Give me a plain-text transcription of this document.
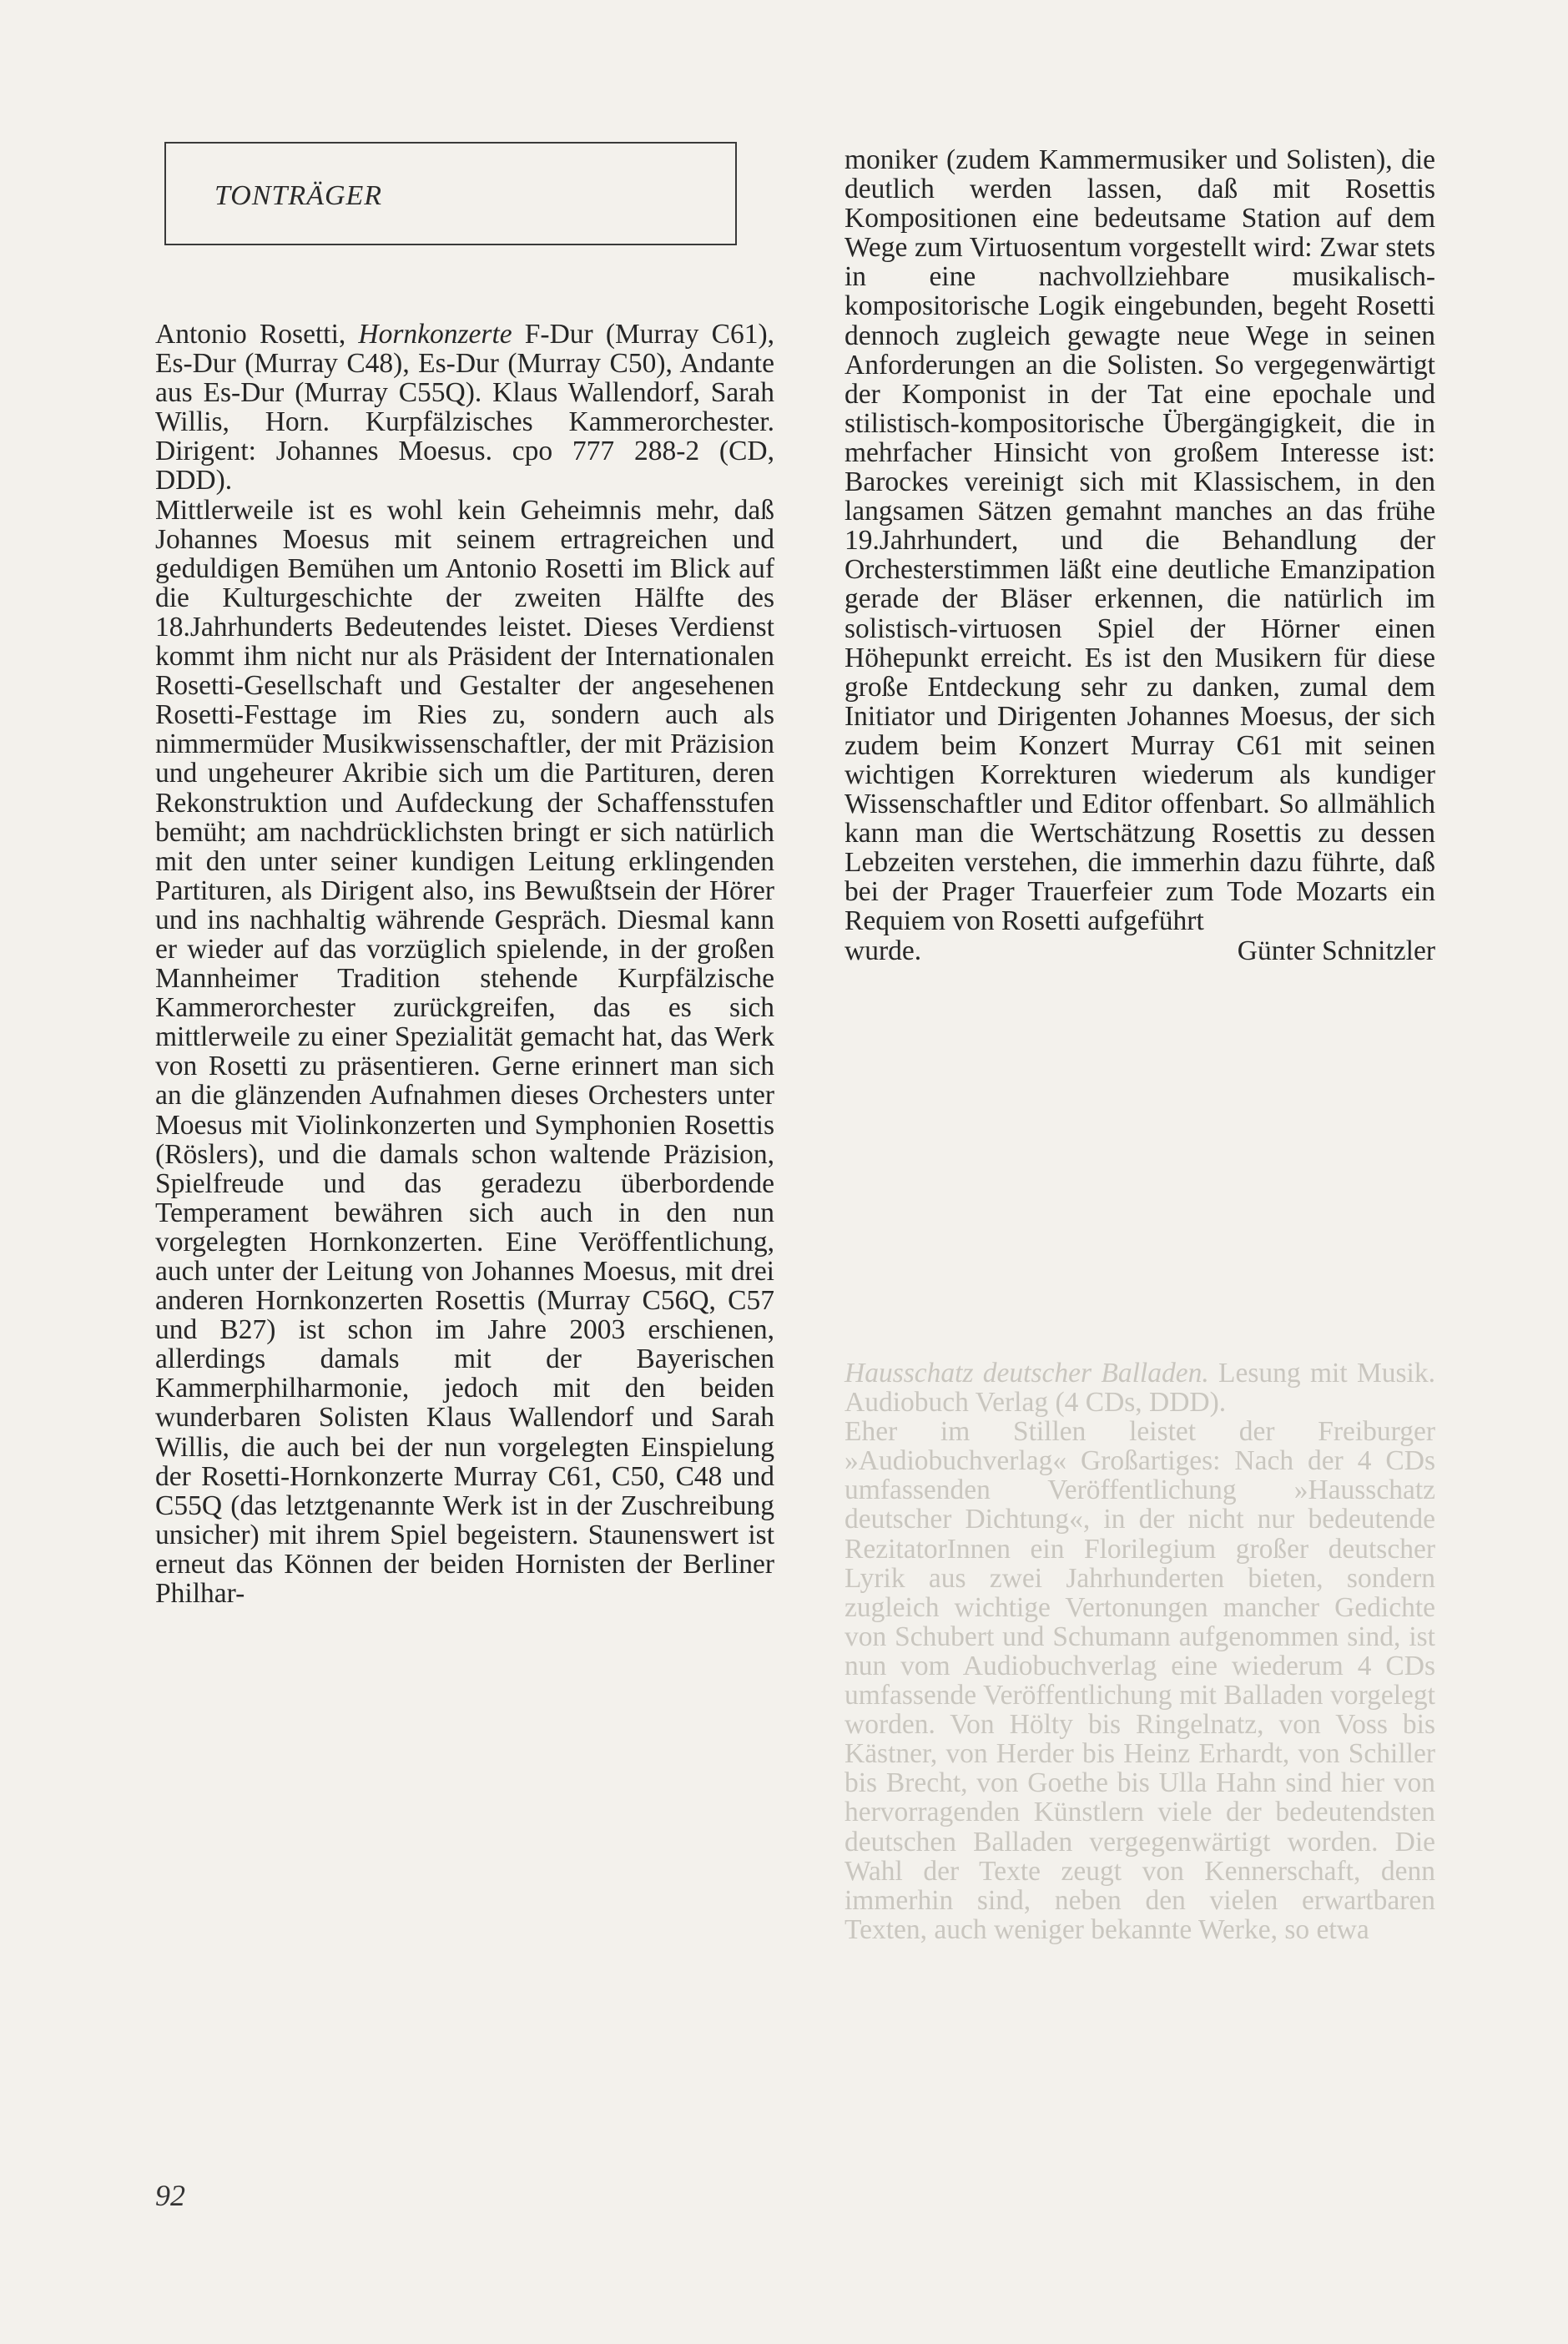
TONTRÄGER

Antonio Rosetti, Hornkonzerte F-Dur (Murray C61), Es-Dur (Murray C48), Es-Dur (Murray C50), Andante aus Es-Dur (Murray C55Q). Klaus Wallendorf, Sarah Willis, Horn. Kurpfälzisches Kammerorchester. Dirigent: Johannes Moesus. cpo 777 288-2 (CD, DDD).

Mittlerweile ist es wohl kein Geheimnis mehr, daß Johannes Moesus mit seinem ertragreichen und geduldigen Bemühen um Antonio Rosetti im Blick auf die Kulturgeschichte der zweiten Hälfte des 18.Jahrhunderts Bedeutendes leistet. Dieses Verdienst kommt ihm nicht nur als Präsident der Internationalen Rosetti-Gesellschaft und Gestalter der angesehenen Rosetti-Festtage im Ries zu, sondern auch als nimmermüder Musikwissenschaftler, der mit Präzision und ungeheurer Akribie sich um die Partituren, deren Rekonstruktion und Aufdeckung der Schaffensstufen bemüht; am nachdrücklichsten bringt er sich natürlich mit den unter seiner kundigen Leitung erklingenden Partituren, als Dirigent also, ins Bewußtsein der Hörer und ins nachhaltig währende Gespräch. Diesmal kann er wieder auf das vorzüglich spielende, in der großen Mannheimer Tradition stehende Kurpfälzische Kammerorchester zurückgreifen, das es sich mittlerweile zu einer Spezialität gemacht hat, das Werk von Rosetti zu präsentieren. Gerne erinnert man sich an die glänzenden Aufnahmen dieses Orchesters unter Moesus mit Violinkonzerten und Symphonien Rosettis (Röslers), und die damals schon waltende Präzision, Spielfreude und das geradezu überbordende Temperament bewähren sich auch in den nun vorgelegten Hornkonzerten. Eine Veröffentlichung, auch unter der Leitung von Johannes Moesus, mit drei anderen Hornkonzerten Rosettis (Murray C56Q, C57 und B27) ist schon im Jahre 2003 erschienen, allerdings damals mit der Bayerischen Kammerphilharmonie, jedoch mit den beiden wunderbaren Solisten Klaus Wallendorf und Sarah Willis, die auch bei der nun vorgelegten Einspielung der Rosetti-Hornkonzerte Murray C61, C50, C48 und C55Q (das letztgenannte Werk ist in der Zuschreibung unsicher) mit ihrem Spiel begeistern. Staunenswert ist erneut das Können der beiden Hornisten der Berliner Philhar-

moniker (zudem Kammermusiker und Solisten), die deutlich werden lassen, daß mit Rosettis Kompositionen eine bedeutsame Station auf dem Wege zum Virtuosentum vorgestellt wird: Zwar stets in eine nachvollziehbare musikalisch-kompositorische Logik eingebunden, begeht Rosetti dennoch zugleich gewagte neue Wege in seinen Anforderungen an die Solisten. So vergegenwärtigt der Komponist in der Tat eine epochale und stilistisch-kompositorische Übergängigkeit, die in mehrfacher Hinsicht von großem Interesse ist: Barockes vereinigt sich mit Klassischem, in den langsamen Sätzen gemahnt manches an das frühe 19.Jahrhundert, und die Behandlung der Orchesterstimmen läßt eine deutliche Emanzipation gerade der Bläser erkennen, die natürlich im solistisch-virtuosen Spiel der Hörner einen Höhepunkt erreicht. Es ist den Musikern für diese große Entdeckung sehr zu danken, zumal dem Initiator und Dirigenten Johannes Moesus, der sich zudem beim Konzert Murray C61 mit seinen wichtigen Korrekturen wiederum als kundiger Wissenschaftler und Editor offenbart. So allmählich kann man die Wertschätzung Rosettis zu dessen Lebzeiten verstehen, die immerhin dazu führte, daß bei der Prager Trauerfeier zum Tode Mozarts ein Requiem von Rosetti aufgeführt

wurde.	Günter Schnitzler

Hausschatz deutscher Balladen. Lesung mit Musik. Audiobuch Verlag (4 CDs, DDD).

Eher im Stillen leistet der Freiburger »Audiobuchverlag« Großartiges: Nach der 4 CDs umfassenden Veröffentlichung »Hausschatz deutscher Dichtung«, in der nicht nur bedeutende RezitatorInnen ein Florilegium großer deutscher Lyrik aus zwei Jahrhunderten bieten, sondern zugleich wichtige Vertonungen mancher Gedichte von Schubert und Schumann aufgenommen sind, ist nun vom Audiobuchverlag eine wiederum 4 CDs umfassende Veröffentlichung mit Balladen vorgelegt worden. Von Hölty bis Ringelnatz, von Voss bis Kästner, von Herder bis Heinz Erhardt, von Schiller bis Brecht, von Goethe bis Ulla Hahn sind hier von hervorragenden Künstlern viele der bedeutendsten deutschen Balladen vergegenwärtigt worden. Die Wahl der Texte zeugt von Kennerschaft, denn immerhin sind, neben den vielen erwartbaren Texten, auch weniger bekannte Werke, so etwa

92
